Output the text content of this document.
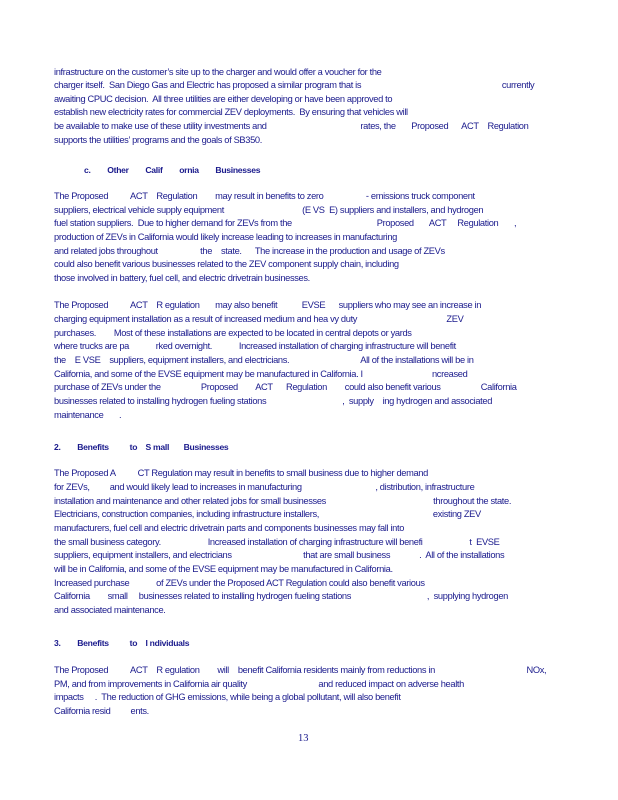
infrastructure on the customer’s site up to the charger and would offer a voucher for the
charger itself.  San Diego Gas and Electric has proposed a similar program that is                                                               currently
awaiting CPUC decision.  All three utilities are either developing or have been approved to
establish new electricity rates for commercial ZEV deployments.  By ensuring that vehicles will
be available to make use of these utility investments and                                          rates, the       Proposed      ACT    Regulation
supports the utilities’ programs and the goals of SB350.
c.        Other        Calif        ornia        Businesses
The Proposed          ACT    Regulation        may result in benefits to zero                   - emissions truck component
suppliers, electrical vehicle supply equipment                                   (E VS  E) suppliers and installers, and hydrogen
fuel station suppliers.  Due to higher demand for ZEVs from the                                      Proposed       ACT     Regulation       ,
production of ZEVs in California would likely increase leading to increases in manufacturing
and related jobs throughout                   the    state.      The increase in the production and usage of ZEVs
could also benefit various businesses related to the ZEV component supply chain, including
those involved in battery, fuel cell, and electric drivetrain businesses.
The Proposed          ACT    R egulation       may also benefit           EVSE      suppliers who may see an increase in
charging equipment installation as a result of increased medium and hea vy duty                                        ZEV
purchases.        Most of these installations are expected to be located in central depots or yards
where trucks are pa            rked overnight.            Increased installation of charging infrastructure will benefit
the    E VSE    suppliers, equipment installers, and electricians.                                All of the installations will be in
California, and some of the EVSE equipment may be manufactured in California. I                               ncreased
purchase of ZEVs under the                  Proposed        ACT      Regulation        could also benefit various                  California
businesses related to installing hydrogen fueling stations                                  ,  supply    ing hydrogen and associated
maintenance       .
2.        Benefits          to    S mall       Businesses
The Proposed A          CT Regulation may result in benefits to small business due to higher demand
for ZEVs,         and would likely lead to increases in manufacturing                                 , distribution, infrastructure
installation and maintenance and other related jobs for small businesses                                                throughout the state.
Electricians, construction companies, including infrastructure installers,                                                   existing ZEV
manufacturers, fuel cell and electric drivetrain parts and components businesses may fall into
the small business category.                     Increased installation of charging infrastructure will benefi                     t  EVSE
suppliers, equipment installers, and electricians                                that are small business             .  All of the installations
will be in California, and some of the EVSE equipment may be manufactured in California.
Increased purchase            of ZEVs under the Proposed ACT Regulation could also benefit various
California        small     businesses related to installing hydrogen fueling stations                                  ,  supplying hydrogen
and associated maintenance.
3.        Benefits          to    I ndividuals
The Proposed          ACT    R egulation        will    benefit California residents mainly from reductions in                                         NOx,
PM, and from improvements in California air quality                                and reduced impact on adverse health
impacts     .  The reduction of GHG emissions, while being a global pollutant, will also benefit
California resid         ents.
13
